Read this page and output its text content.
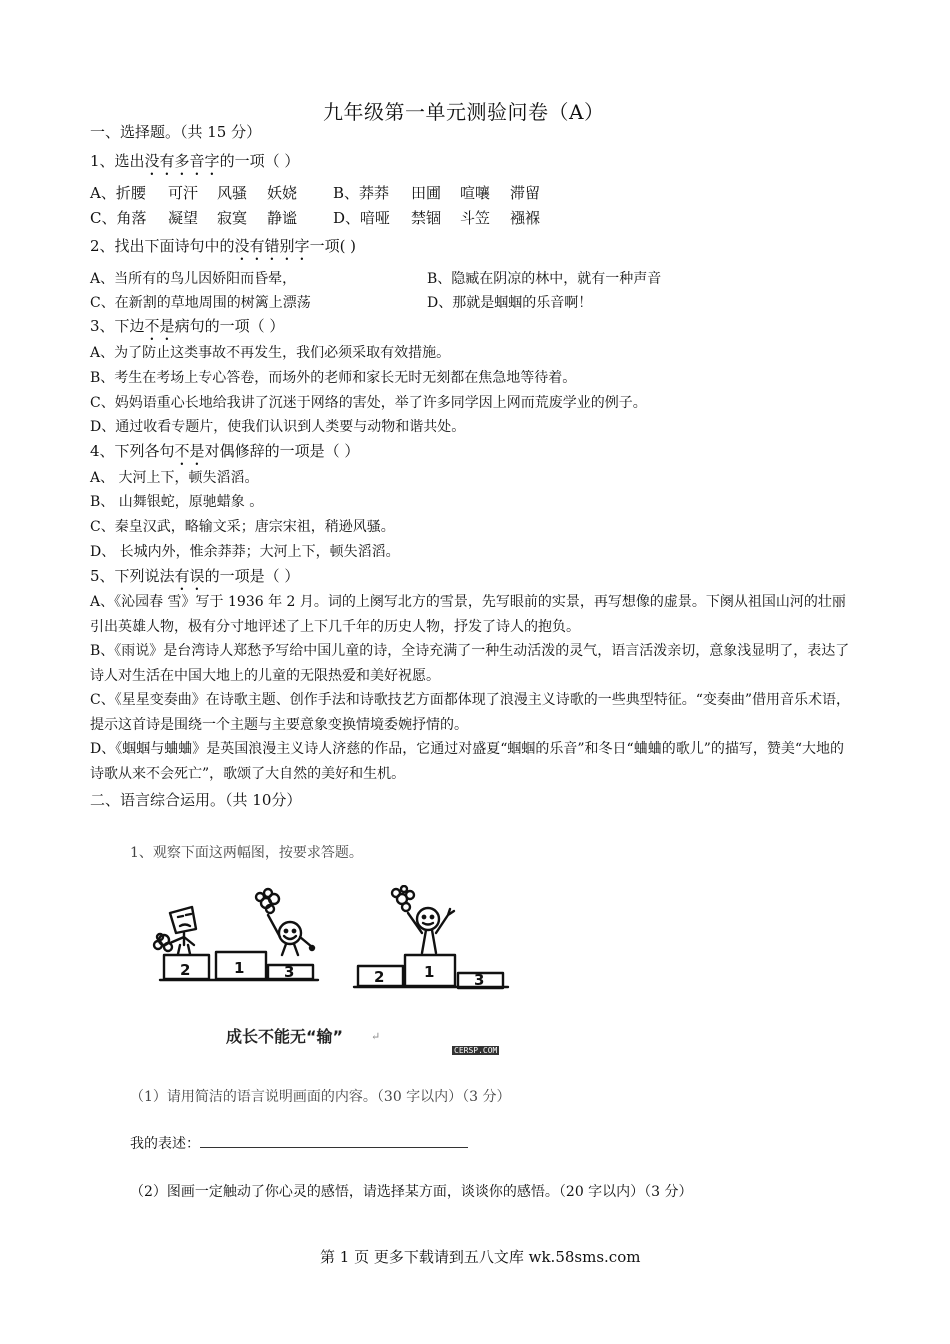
九年级第一单元测验问卷（A）
一、选择题。（共 15 分）
1、选出没有多音字的一项（ ）
A、折腰 可汗 风骚 妖娆 B、莽莽 田圃 喧嚷 滞留
C、角落 凝望 寂寞 静谧 D、喑哑 禁锢 斗笠 襁褓
2、找出下面诗句中的没有错别字一项( )
A、当所有的鸟儿因娇阳而昏晕，	B、隐臧在阴凉的林中，就有一种声音
C、在新割的草地周围的树篱上漂荡	D、那就是蝈蝈的乐音啊！
3、下边不是病句的一项（ ）
A、为了防止这类事故不再发生，我们必须采取有效措施。
B、考生在考场上专心答卷，而场外的老师和家长无时无刻都在焦急地等待着。
C、妈妈语重心长地给我讲了沉迷于网络的害处，举了许多同学因上网而荒废学业的例子。
D、通过收看专题片，使我们认识到人类要与动物和谐共处。
4、下列各句不是对偶修辞的一项是（ ）
A、 大河上下，顿失滔滔。
B、 山舞银蛇，原驰蜡象 。
C、秦皇汉武，略输文采；唐宗宋祖，稍逊风骚。
D、 长城内外，惟余莽莽；大河上下，顿失滔滔。
5、下列说法有误的一项是（ ）
A、《沁园春 雪》写于 1936 年 2 月。词的上阕写北方的雪景，先写眼前的实景，再写想像的虚景。下阕从祖国山河的壮丽引出英雄人物，极有分寸地评述了上下几千年的历史人物，抒发了诗人的抱负。
B、《雨说》是台湾诗人郑愁予写给中国儿童的诗，全诗充满了一种生动活泼的灵气，语言活泼亲切，意象浅显明了，表达了诗人对生活在中国大地上的儿童的无限热爱和美好祝愿。
C、《星星变奏曲》在诗歌主题、创作手法和诗歌技艺方面都体现了浪漫主义诗歌的一些典型特征。“变奏曲”借用音乐术语，提示这首诗是围绕一个主题与主要意象变换情境委婉抒情的。
D、《蝈蝈与蛐蛐》是英国浪漫主义诗人济慈的作品，它通过对盛夏“蝈蝈的乐音”和冬日“蛐蛐的歌儿”的描写，赞美“大地的诗歌从来不会死亡”，歌颂了大自然的美好和生机。
二、语言综合运用。（共 10分）
1、观察下面这两幅图，按要求答题。
2	1	3	2	1	3
成长不能无“输”	↵
CERSP.COM
（1）请用简洁的语言说明画面的内容。（30 字以内）（3 分）
我的表述：
（2）图画一定触动了你心灵的感悟，请选择某方面，谈谈你的感悟。（20 字以内）（3 分）
第 1 页 更多下载请到五八文库 wk.58sms.com
